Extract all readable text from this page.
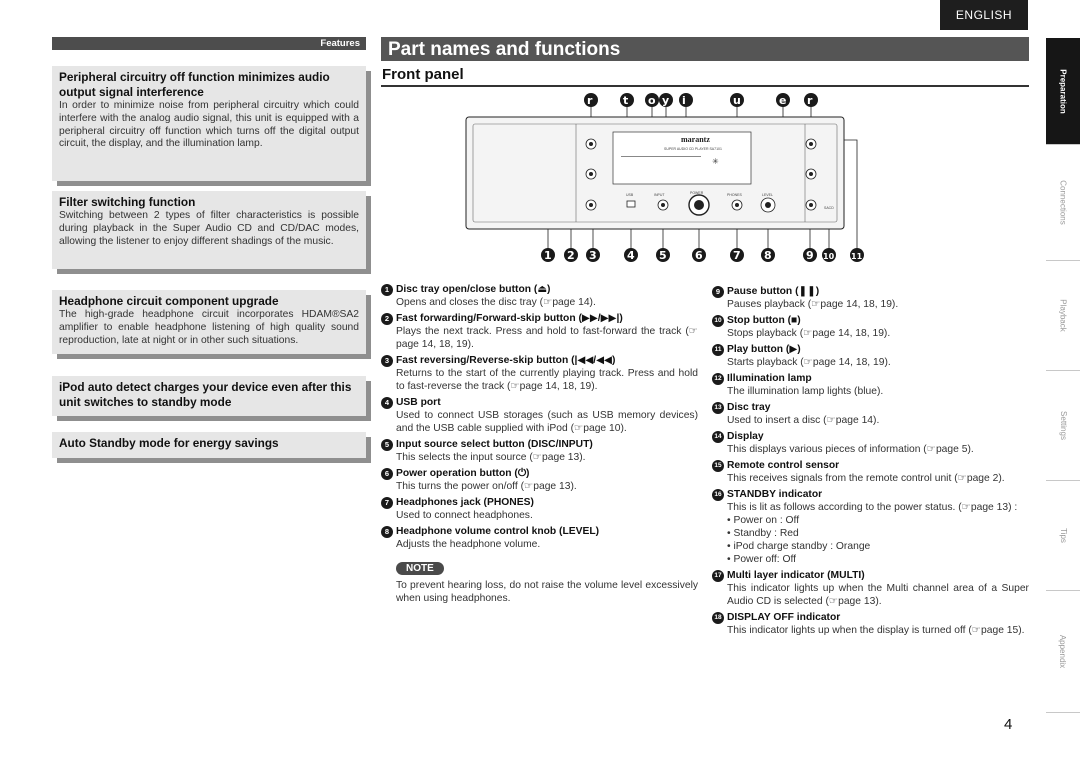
ENGLISH
Preparation
Connections
Playback
Settings
Tips
Appendix
Features
Peripheral circuitry off function minimizes audio output signal interference

In order to minimize noise from peripheral circuitry which could interfere with the analog audio signal, this unit is equipped with a peripheral circuitry off function which turns off the digital output circuit, the display, and the illumination lamp.

Filter switching function

Switching between 2 types of filter characteristics is possible during playback in the Super Audio CD and CD/DAC modes, allowing the listener to enjoy different shadings of the music.

Headphone circuit component upgrade

The high-grade headphone circuit incorporates HDAM®SA2 amplifier to enable headphone listening of high quality sound reproduction, late at night or in other such situations.

iPod auto detect charges your device even after this unit switches to standby mode
Auto Standby mode for energy savings
Part names and functions
Front panel
marantz
SUPER AUDIO CD PLAYER SA7101
✳
USB	INPUT	POWER	PHONES	LEVEL
SACD
r	t o y i	u	e r
1 2 3	4 5	6	7 8	9 10 11
1 Disc tray open/close button (⏏)
Opens and closes the disc tray (☞page 14).
2 Fast forwarding/Forward-skip button (▶▶/▶▶|)
Plays the next track. Press and hold to fast-forward the track (☞page 14, 18, 19).
3 Fast reversing/Reverse-skip button (|◀◀/◀◀)
Returns to the start of the currently playing track. Press and hold to fast-reverse the track (☞page 14, 18, 19).
4 USB port
Used to connect USB storages (such as USB memory devices) and the USB cable supplied with iPod (☞page 10).
5 Input source select button (DISC/INPUT)
This selects the input source (☞page 13).
6 Power operation button (⏻)
This turns the power on/off (☞page 13).
7 Headphones jack (PHONES)
Used to connect headphones.
8 Headphone volume control knob (LEVEL)
Adjusts the headphone volume.
NOTE
To prevent hearing loss, do not raise the volume level excessively when using headphones.
9 Pause button (❚❚)
Pauses playback (☞page 14, 18, 19).
10 Stop button (■)
Stops playback (☞page 14, 18, 19).
11 Play button (▶)
Starts playback (☞page 14, 18, 19).
12 Illumination lamp
The illumination lamp lights (blue).
13 Disc tray
Used to insert a disc (☞page 14).
14 Display
This displays various pieces of information (☞page 5).
15 Remote control sensor
This receives signals from the remote control unit (☞page 2).
16 STANDBY indicator
This is lit as follows according to the power status. (☞page 13) :
• Power on : Off
• Standby : Red
• iPod charge standby : Orange
• Power off: Off
17 Multi layer indicator (MULTI)
This indicator lights up when the Multi channel area of a Super Audio CD is selected (☞page 13).
18 DISPLAY OFF indicator
This indicator lights up when the display is turned off (☞page 15).
4
